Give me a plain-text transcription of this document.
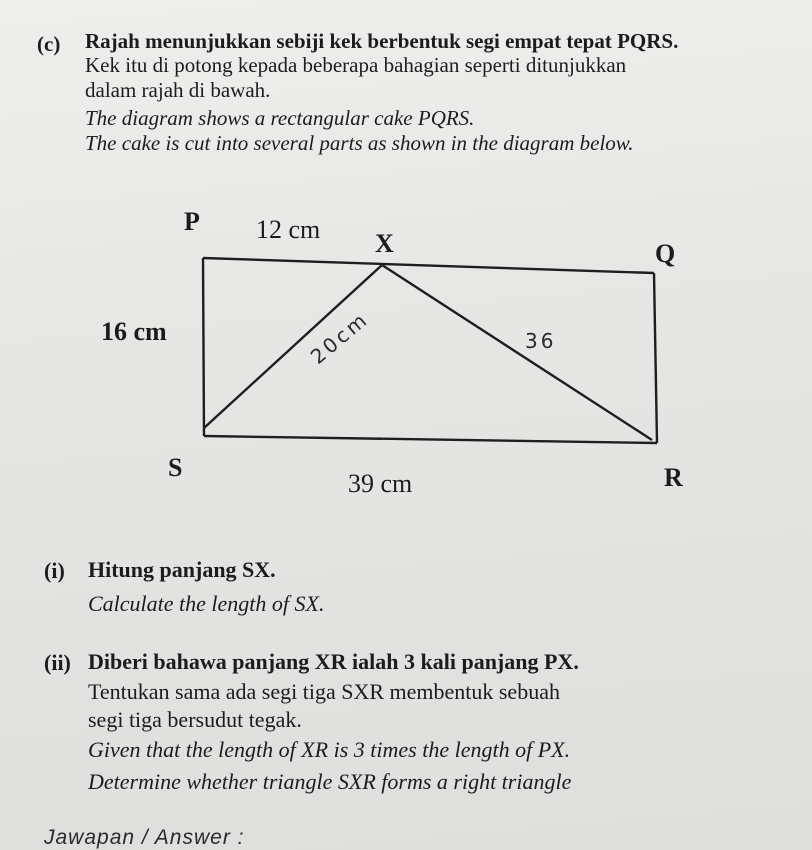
(c) Rajah menunjukkan sebiji kek berbentuk segi empat tepat PQRS.
Kek itu di potong kepada beberapa bahagian seperti ditunjukkan
dalam rajah di bawah.
The diagram shows a rectangular cake PQRS.
The cake is cut into several parts as shown in the diagram below.
P 12 cm X	Q
16 cm
S
39 cm	R
20cm	36
(i) Hitung panjang SX.
Calculate the length of SX.
(ii) Diberi bahawa panjang XR ialah 3 kali panjang PX.
Tentukan sama ada segi tiga SXR membentuk sebuah
segi tiga bersudut tegak.
Given that the length of XR is 3 times the length of PX.
Determine whether triangle SXR forms a right triangle
Jawapan / Answer :
